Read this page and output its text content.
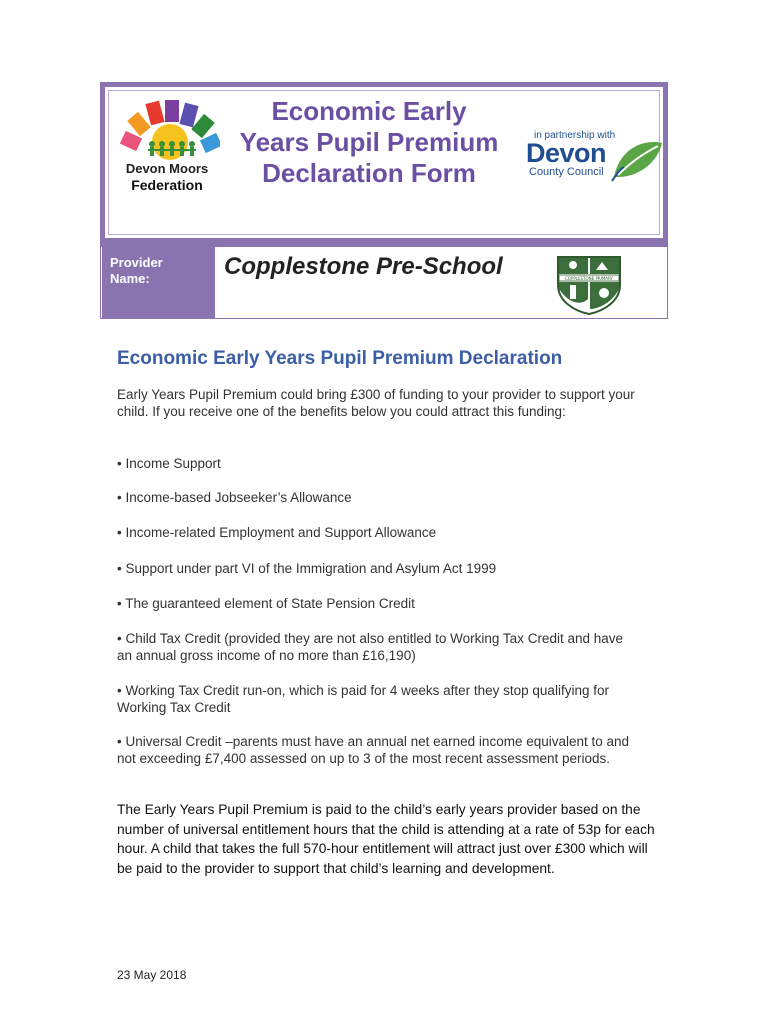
Devon Moors
Federation
Economic Early Years Pupil Premium Declaration Form
in partnership with
Devon
County Council
Provider Name:	Copplestone Pre-School	COPPLESTONE PRIMARY
Economic Early Years Pupil Premium Declaration
Early Years Pupil Premium could bring £300 of funding to your provider to support your child. If you receive one of the benefits below you could attract this funding:
• Income Support
• Income-based Jobseeker’s Allowance
• Income-related Employment and Support Allowance
• Support under part VI of the Immigration and Asylum Act 1999
• The guaranteed element of State Pension Credit
• Child Tax Credit (provided they are not also entitled to Working Tax Credit and have an annual gross income of no more than £16,190)
• Working Tax Credit run-on, which is paid for 4 weeks after they stop qualifying for Working Tax Credit
• Universal Credit –parents must have an annual net earned income equivalent to and not exceeding £7,400 assessed on up to 3 of the most recent assessment periods.
The Early Years Pupil Premium is paid to the child’s early years provider based on the number of universal entitlement hours that the child is attending at a rate of 53p for each hour. A child that takes the full 570-hour entitlement will attract just over £300 which will be paid to the provider to support that child’s learning and development.
23 May 2018
